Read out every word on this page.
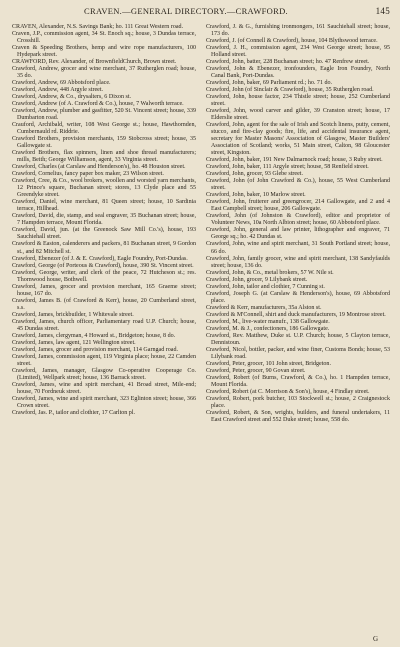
CRAVEN.—GENERAL DIRECTORY.—CRAWFORD.	145

CRAVEN, Alexander, N.S. Savings Bank; ho. 111 Great Western road.

Craven, J.P., commission agent, 34 St. Enoch sq.; house, 3 Dundas terrace, Crosshill.

Craven & Speeding Brothers, hemp and wire rope manufacturers, 100 Hydepark street.

CRAWFORD, Rev. Alexander, of BrownfieldChurch, Brown street.

Crawford, Andrew, grocer and wine merchant, 37 Rutherglen road; house, 35 do.

Crawford, Andrew, 69 Abbotsford place.

Crawford, Andrew, 448 Argyle street.

Crawford, Andrew, & Co., drysalters, 6 Dixon st.

Crawford, Andrew (of A. Crawford & Co.), house, 7 Walworth terrace.

Crawford, Andrew, plumber and gasfitter, 520 St. Vincent street; house, 339 Dumbarton road.

Crauford, Archibald, writer, 108 West George st.; house, Hawthornden, Cumbernauld rd. Riddrie.

Crawford Brothers, provision merchants, 159 Stobcross street; house, 35 Gallowgate st.

Crawford Brothers, flax spinners, linen and shoe thread manufacturers; mills, Beith; George Williamson, agent, 33 Virginia street.

Crawford, Charles (at Carslaw and Henderson's), ho. 48 Houston street.

Crawford, Cornelius, fancy paper box maker, 23 Wilson street.

Crawford, Cree, & Co., wool brokers, woollen and worsted yarn merchants, 12 Prince's square, Buchanan street; stores, 13 Clyde place and 55 Greendyke street.

Crawford, Daniel, wine merchant, 81 Queen street; house, 10 Sardinia terrace, Hillhead.

Crawford, David, die, stamp, and seal engraver, 35 Buchanan street; house, 7 Hampden terrace, Mount Florida.

Crawford, David, jun. (at the Greenock Saw Mill Co.'s), house, 193 Sauchiehall street.

Crawford & Easton, calenderers and packers, 81 Buchanan street, 9 Gordon st., and 82 Mitchell st.

Crawford, Ebenezer (of J. & E. Crawford), Eagle Foundry, Port-Dundas.

Crawford, George (of Porteous & Crawford), house, 390 St. Vincent street.

Crawford, George, writer, and clerk of the peace, 72 Hutcheson st.; res. Thornwood house, Bothwell.

Crawford, James, grocer and provision merchant, 165 Graeme street; house, 167 do.

Crawford, James B. (of Crawford & Kerr), house, 20 Cumberland street, s.s.

Crawford, James, brickbuilder, 1 Whitevale street.

Crawford, James, church officer, Parliamentary road U.P. Church; house, 45 Dundas street.

Crawford, James, clergyman, 4 Howard st., Bridgeton; house, 8 do.

Crawford, James, law agent, 121 Wellington street.

Crawford, James, grocer and provision merchant, 114 Garngad road.

Crawford, James, commission agent, 119 Virginia place; house, 22 Camden street.

Crawford, James, manager, Glasgow Co-operative Cooperage Co. (Limited), Wellpark street; house, 136 Barrack street.

Crawford, James, wine and spirit merchant, 41 Broad street, Mile-end; house, 70 Fordneuk street.

Crawford, James, wine and spirit merchant, 323 Eglinton street; house, 366 Crown street.

Crawford, Jas. P., tailor and clothier, 17 Carlton pl.

Crawford, J. & G., furnishing ironmongers, 161 Sauchiehall street; house, 173 do.

Crawford, J. (of Connell & Crawford), house, 104 Blythswood terrace.

Crawford, J. H., commission agent, 234 West George street; house, 95 Holland street.

Crawford, John, batter, 228 Buchanan street; ho. 47 Renfrew street.

Crawford, John & Ebenezer, ironfounders, Eagle Iron Foundry, North Canal Bank, Port-Dundas.

Crawford, John, baker, 69 Parliament rd.; ho. 71 do.

Crawford, John (of Sinclair & Crawford), house, 35 Rutherglen road.

Crawford, John, house factor, 234 Thistle street; house, 252 Cumberland street.

Crawford, John, wood carver and gilder, 39 Cranston street; house, 17 Elderslie street.

Crawford, John, agent for the sale of Irish and Scotch linens, putty, cement, stucco, and fire-clay goods; fire, life, and accidental insurance agent, secretary for Master Masons' Association of Glasgow, Master Builders' Association of Scotland; works, 51 Main street, Calton, 98 Gloucester street, Kingston.

Crawford, John, baker, 191 New Dalmarnock road; house, 3 Ruby street.

Crawford, John, baker, 111 Argyle street; house, 58 Renfield street.

Crawford, John, grocer, 93 Glebe street.

Crawford, John (of John Crawford & Co.), house, 55 West Cumberland street.

Crawford, John, baker, 10 Marlow street.

Crawford, John, fruiterer and greengrocer, 214 Gallowgate, and 2 and 4 East Campbell street; house, 206 Gallowgate.

Crawford, John (of Johnston & Crawford), editor and proprietor of Volunteer News, 10a North Albion street; house, 60 Abbotsford place.

Crawford, John, general and law printer, lithographer and engraver, 71 George sq.; ho. 42 Dundas st.

Crawford, John, wine and spirit merchant, 31 South Portland street; house, 66 do.

Crawford, John, family grocer, wine and spirit merchant, 138 Sandyfaulds street; house, 136 do.

Crawford, John, & Co., metal brokers, 57 W. Nile st.

Crawford, John, grocer, 9 Lilybank street.

Crawford, John, tailor and clothier, 7 Cunning st.

Crawford, Joseph G. (at Carslaw & Henderson's), house, 69 Abbotsford place.

Crawford & Kerr, manufacturers, 35a Alston st.

Crawford & M'Connell, shirt and duck manufacturers, 19 Montrose street.

Crawford, M., live-water manufr., 138 Gallowgate.

Crawford, M. & J., confectioners, 186 Gallowgate.

Crawford, Rev. Matthew, Duke st. U.P. Church; house, 5 Clayton terrace, Dennistoun.

Crawford, Nicol, bottler, packer, and wine finer, Customs Bonds; house, 53 Lilybank road.

Crawford, Peter, grocer, 101 John street, Bridgeton.

Crawford, Peter, grocer, 90 Govan street.

Crawford, Robert (of Burns, Crawford, & Co.), ho. 1 Hampden terrace, Mount Florida.

Crawford, Robert (at C. Morrison & Son's), house, 4 Findlay street.

Crawford, Robert, pork butcher, 103 Stockwell st.; house, 2 Craignestock place.

Crawford, Robert, & Son, wrights, builders, and funeral undertakers, 11 East Crawford street and 552 Duke street; house, 558 do.

G
